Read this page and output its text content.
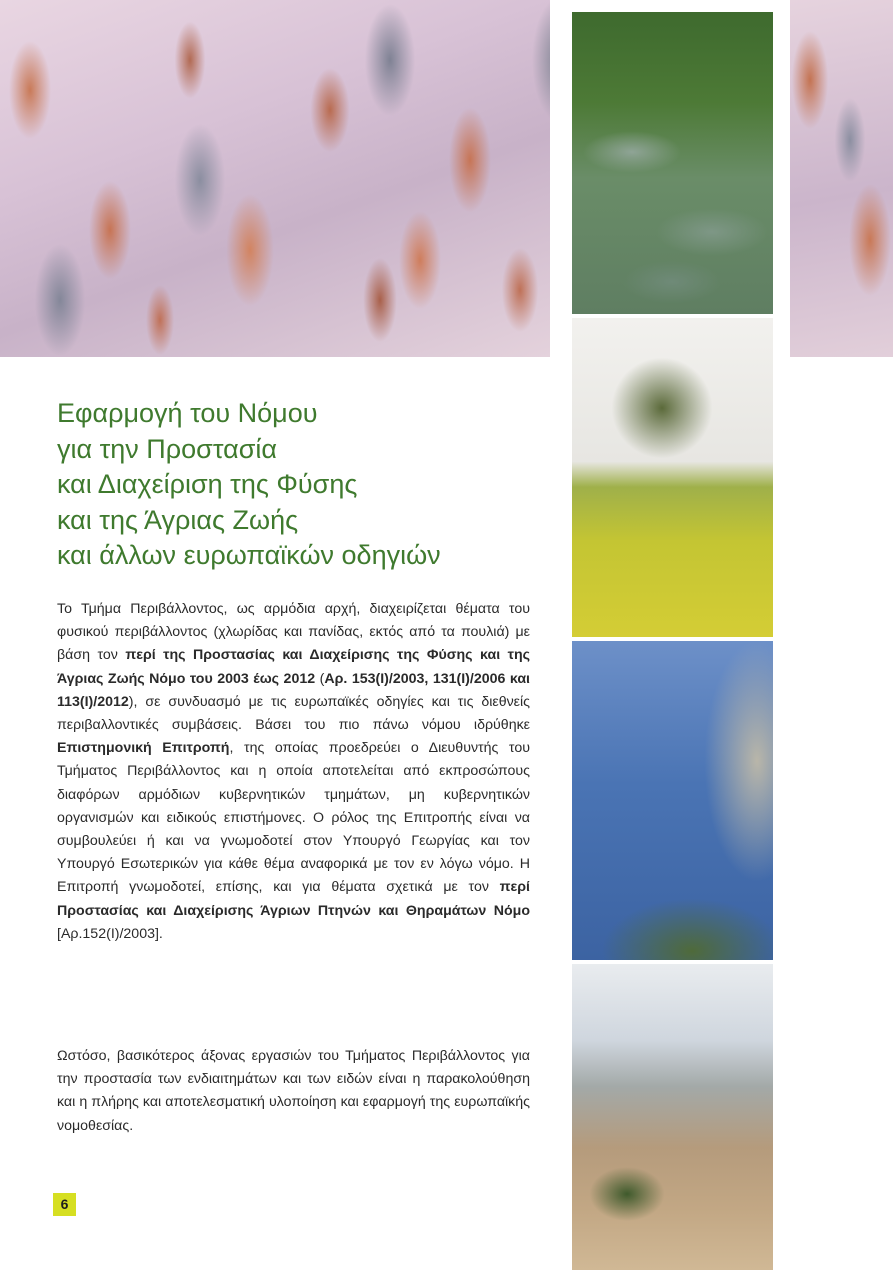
Εφαρμογή του Νόμου
για την Προστασία
και Διαχείριση της Φύσης
και της Άγριας Ζωής
και άλλων ευρωπαϊκών οδηγιών

Το Τμήμα Περιβάλλοντος, ως αρμόδια αρχή, διαχειρίζεται θέματα του φυσικού περιβάλλοντος (χλωρίδας και πανίδας, εκτός από τα πουλιά) με βάση τον περί της Προστασίας και Διαχείρισης της Φύσης και της Άγριας Ζωής Νόμο του 2003 έως 2012 (Αρ. 153(Ι)/2003, 131(Ι)/2006 και 113(Ι)/2012), σε συνδυασμό με τις ευρωπαϊκές οδηγίες και τις διεθνείς περιβαλλοντικές συμβάσεις. Βάσει του πιο πάνω νόμου ιδρύθηκε Επιστημονική Επιτροπή, της οποίας προεδρεύει ο Διευθυντής του Τμήματος Περιβάλλοντος και η οποία αποτελείται από εκπροσώπους διαφόρων αρμόδιων κυβερνητικών τμημάτων, μη κυβερνητικών οργανισμών και ειδικούς επιστήμονες. Ο ρόλος της Επιτροπής είναι να συμβουλεύει ή και να γνωμοδοτεί στον Υπουργό Γεωργίας και τον Υπουργό Εσωτερικών για κάθε θέμα αναφορικά με τον εν λόγω νόμο. Η Επιτροπή γνωμοδοτεί, επίσης, και για θέματα σχετικά με τον περί Προστασίας και Διαχείρισης Άγριων Πτηνών και Θηραμάτων Νόμο [Αρ.152(Ι)/2003].

Ωστόσο, βασικότερος άξονας εργασιών του Τμήματος Περιβάλλοντος για την προστασία των ενδιαιτημάτων και των ειδών είναι η παρακολούθηση και η πλήρης και αποτελεσματική υλοποίηση και εφαρμογή της ευρωπαϊκής νομοθεσίας.

6
